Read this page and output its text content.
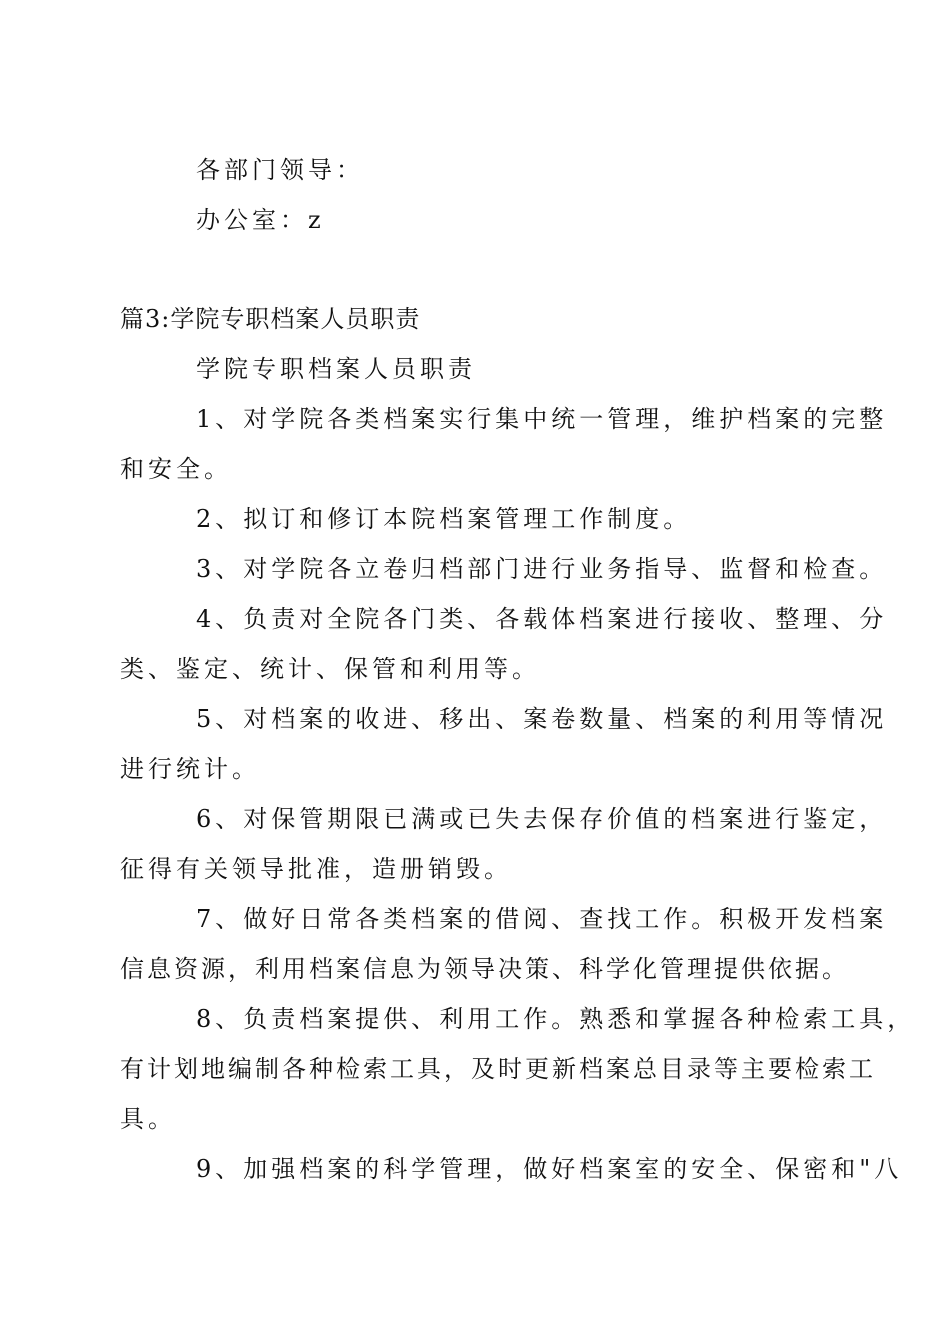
各部门领导：
办公室：z
篇3:学院专职档案人员职责
学院专职档案人员职责
1、对学院各类档案实行集中统一管理，维护档案的完整
和安全。
2、拟订和修订本院档案管理工作制度。
3、对学院各立卷归档部门进行业务指导、监督和检查。
4、负责对全院各门类、各载体档案进行接收、整理、分
类、鉴定、统计、保管和利用等。
5、对档案的收进、移出、案卷数量、档案的利用等情况
进行统计。
6、对保管期限已满或已失去保存价值的档案进行鉴定，
征得有关领导批准，造册销毁。
7、做好日常各类档案的借阅、查找工作。积极开发档案
信息资源，利用档案信息为领导决策、科学化管理提供依据。
8、负责档案提供、利用工作。熟悉和掌握各种检索工具，
有计划地编制各种检索工具，及时更新档案总目录等主要检索工
具。
9、加强档案的科学管理，做好档案室的安全、保密和"八
